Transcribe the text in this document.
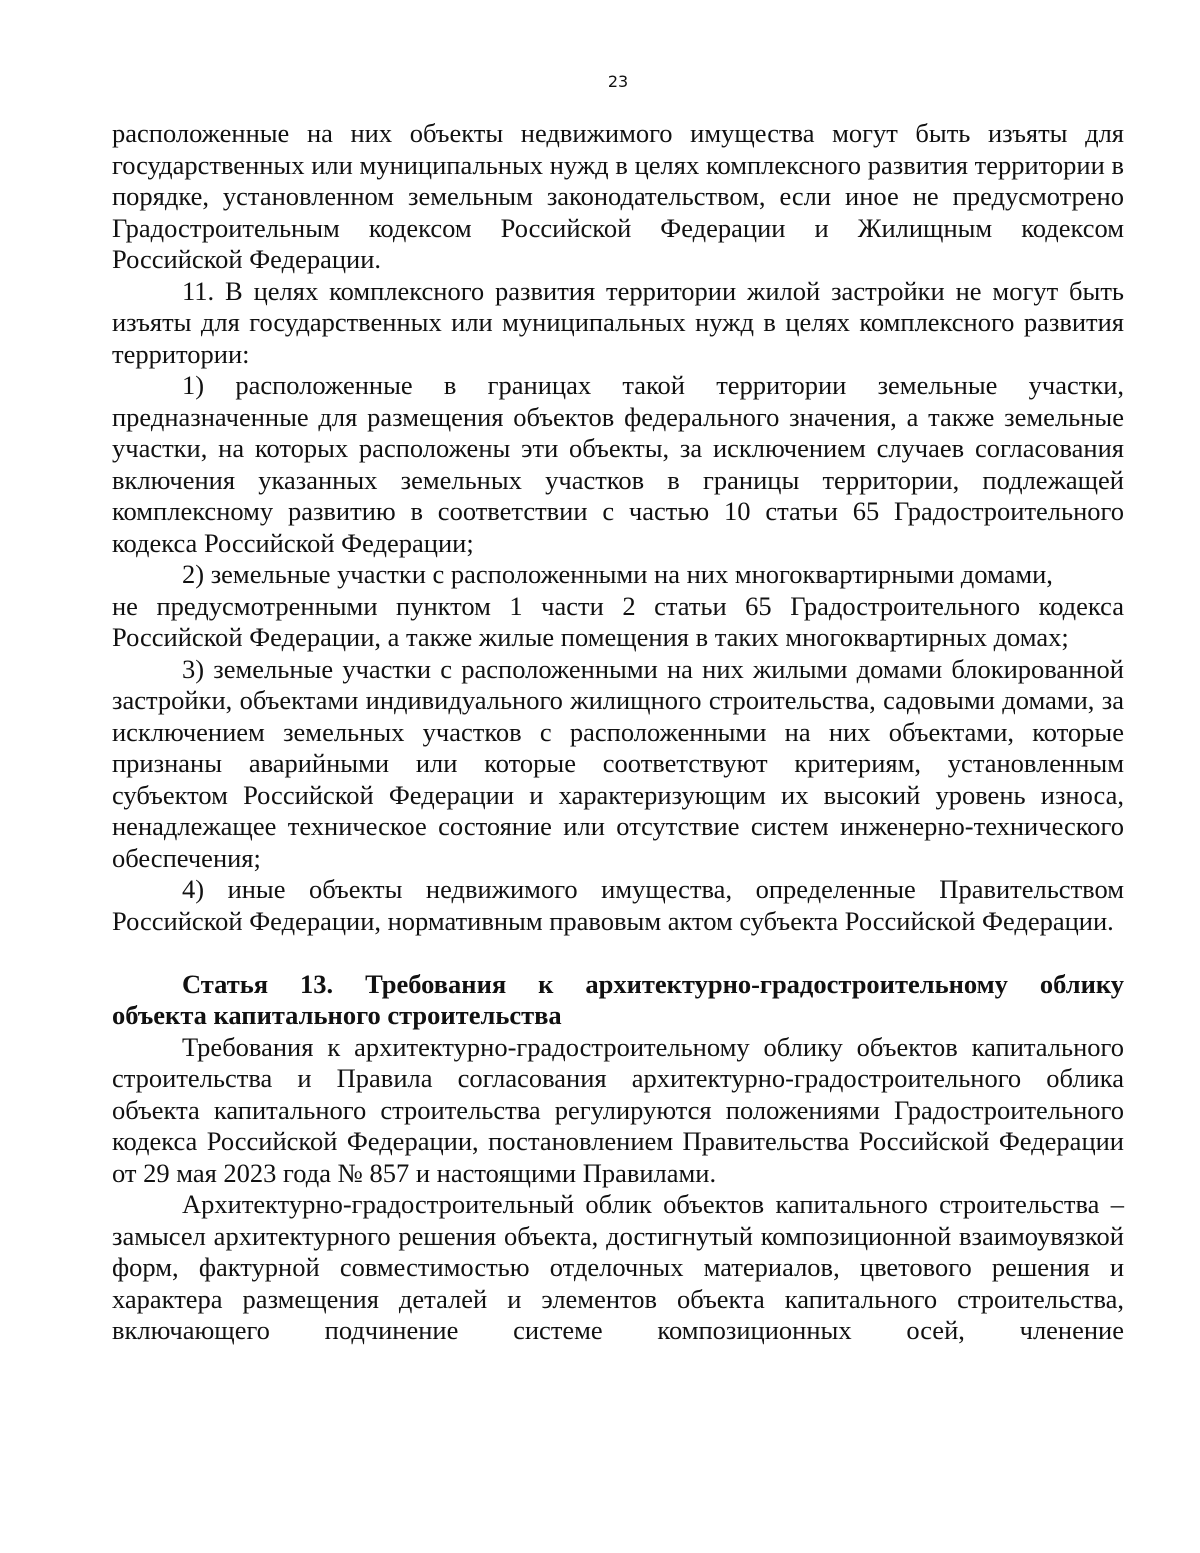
23

расположенные на них объекты недвижимого имущества могут быть изъяты для государственных или муниципальных нужд в целях комплексного развития территории в порядке, установленном земельным законодательством, если иное не предусмотрено Градостроительным кодексом Российской Федерации и Жилищным кодексом Российской Федерации.

11. В целях комплексного развития территории жилой застройки не могут быть изъяты для государственных или муниципальных нужд в целях комплексного развития территории:

1) расположенные в границах такой территории земельные участки, предназначенные для размещения объектов федерального значения, а также земельные участки, на которых расположены эти объекты, за исключением случаев согласования включения указанных земельных участков в границы территории, подлежащей комплексному развитию в соответствии с частью 10 статьи 65 Градостроительного кодекса Российской Федерации;

2) земельные участки с расположенными на них многоквартирными домами,

не предусмотренными пунктом 1 части 2 статьи 65 Градостроительного кодекса Российской Федерации, а также жилые помещения в таких многоквартирных домах;

3) земельные участки с расположенными на них жилыми домами блокированной застройки, объектами индивидуального жилищного строительства, садовыми домами, за исключением земельных участков с расположенными на них объектами, которые признаны аварийными или которые соответствуют критериям, установленным субъектом Российской Федерации и характеризующим их высокий уровень износа, ненадлежащее техническое состояние или отсутствие систем инженерно-технического обеспечения;

4) иные объекты недвижимого имущества, определенные Правительством Российской Федерации, нормативным правовым актом субъекта Российской Федерации.

Статья 13. Требования к архитектурно-градостроительному облику

объекта капитального строительства

Требования к архитектурно-градостроительному облику объектов капитального строительства и Правила согласования архитектурно-градостроительного облика объекта капитального строительства регулируются положениями Градостроительного кодекса Российской Федерации, постановлением Правительства Российской Федерации от 29 мая 2023 года № 857 и настоящими Правилами.

Архитектурно-градостроительный облик объектов капитального строительства – замысел архитектурного решения объекта, достигнутый композиционной взаимоувязкой форм, фактурной совместимостью отделочных материалов, цветового решения и характера размещения деталей и элементов объекта капитального строительства, включающего подчинение системе композиционных осей, членение
